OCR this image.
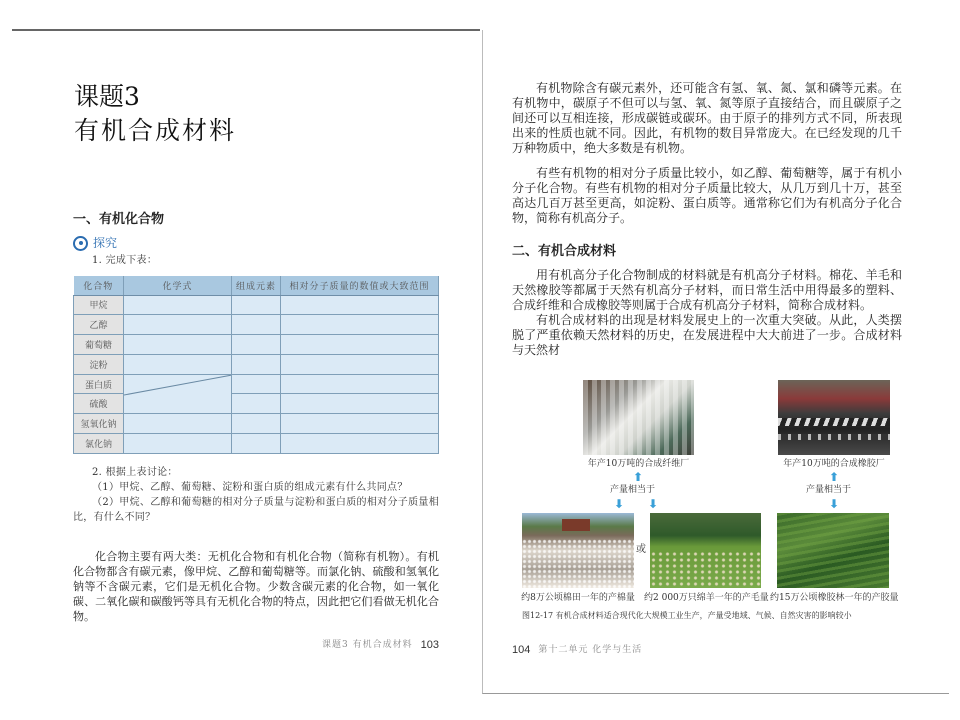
课题3
有机合成材料
一、有机化合物
探究
1. 完成下表：
化合物	化学式	组成元素	相对分子质量的数值或大致范围
甲烷			
乙醇			
葡萄糖			
淀粉			
蛋白质	

硫酸			
氢氧化钠			
氯化钠			
2. 根据上表讨论：
（1）甲烷、乙醇、葡萄糖、淀粉和蛋白质的组成元素有什么共同点？
（2）甲烷、乙醇和葡萄糖的相对分子质量与淀粉和蛋白质的相对分子质量相比，有什么不同？
化合物主要有两大类：无机化合物和有机化合物（简称有机物）。有机化合物都含有碳元素，像甲烷、乙醇和葡萄糖等。而氯化钠、硫酸和氢氧化钠等不含碳元素，它们是无机化合物。少数含碳元素的化合物，如一氧化碳、二氧化碳和碳酸钙等具有无机化合物的特点，因此把它们看做无机化合物。
课题3 有机合成材料 103
有机物除含有碳元素外，还可能含有氢、氧、氮、氯和磷等元素。在有机物中，碳原子不但可以与氢、氧、氮等原子直接结合，而且碳原子之间还可以互相连接，形成碳链或碳环。由于原子的排列方式不同，所表现出来的性质也就不同。因此，有机物的数目异常庞大。在已经发现的几千万种物质中，绝大多数是有机物。
有些有机物的相对分子质量比较小，如乙醇、葡萄糖等，属于有机小分子化合物。有些有机物的相对分子质量比较大，从几万到几十万，甚至高达几百万甚至更高，如淀粉、蛋白质等。通常称它们为有机高分子化合物，简称有机高分子。
二、有机合成材料
用有机高分子化合物制成的材料就是有机高分子材料。棉花、羊毛和天然橡胶等都属于天然有机高分子材料，而日常生活中用得最多的塑料、合成纤维和合成橡胶等则属于合成有机高分子材料，简称合成材料。
有机合成材料的出现是材料发展史上的一次重大突破。从此，人类摆脱了严重依赖天然材料的历史，在发展进程中大大前进了一步。合成材料与天然材
年产10万吨的合成纤维厂	年产10万吨的合成橡胶厂
⬆	⬆
产量相当于	产量相当于
⬇ ⬇	⬇
或
约8万公顷棉田一年的产棉量	约2 000万只绵羊一年的产毛量 约15万公顷橡胶林一年的产胶量
图12-17 有机合成材料适合现代化大规模工业生产，产量受地域、气候、自然灾害的影响较小
104 第十二单元 化学与生活
